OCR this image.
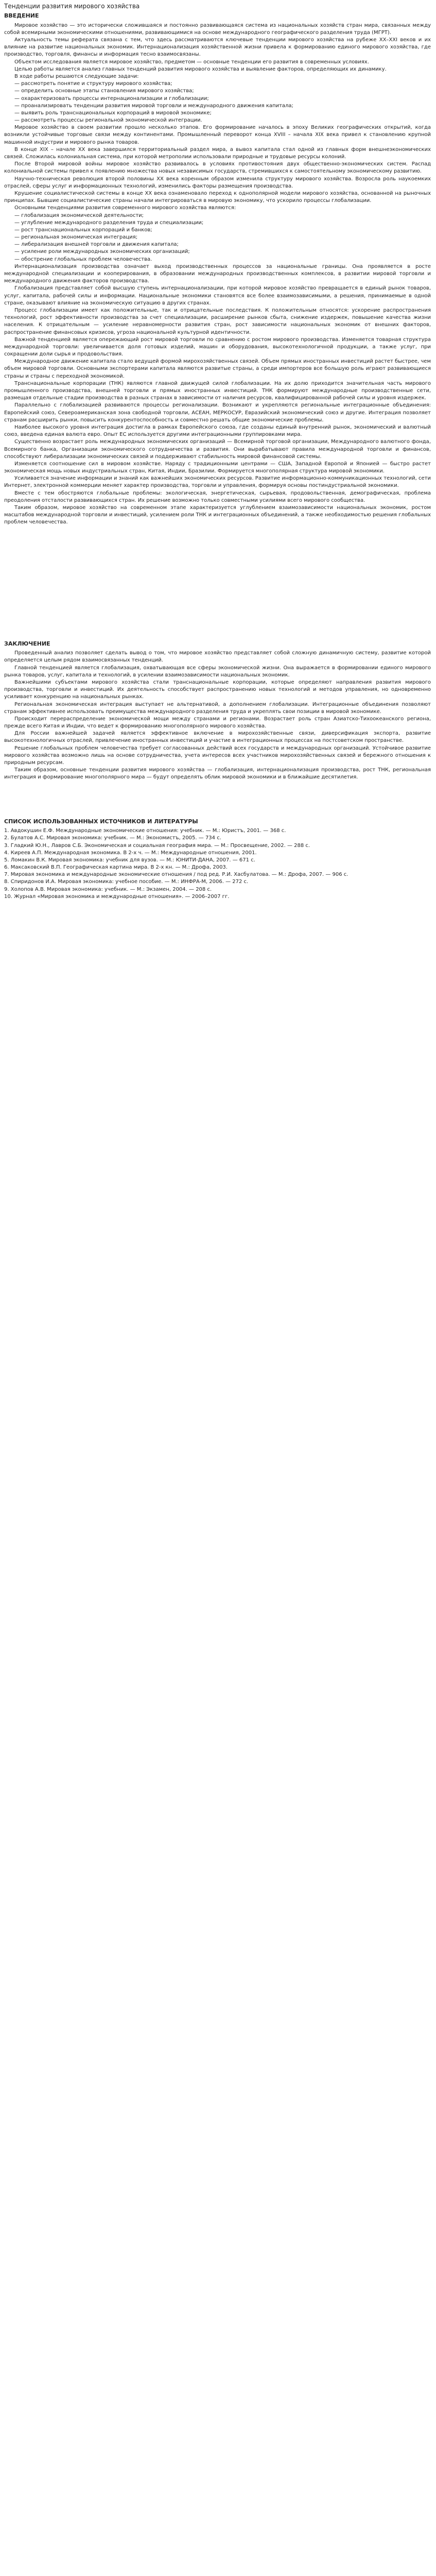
Тенденции развития мирового хозяйства
ВВЕДЕНИЕ

Мировое хозяйство — это исторически сложившаяся и постоянно развивающаяся система из национальных хозяйств стран мира, связанных между собой всемирными экономическими отношениями, развивающимися на основе международного географического разделения труда (МГРТ).

Актуальность темы реферата связана с тем, что здесь рассматриваются ключевые тенденции мирового хозяйства на рубеже XX–XXI веков и их влияние на развитие национальных экономик. Интернационализация хозяйственной жизни привела к формированию единого мирового хозяйства, где производство, торговля, финансы и информация тесно взаимосвязаны.

Объектом исследования является мировое хозяйство, предметом — основные тенденции его развития в современных условиях.

Целью работы является анализ главных тенденций развития мирового хозяйства и выявление факторов, определяющих их динамику.

В ходе работы решаются следующие задачи:

— рассмотреть понятие и структуру мирового хозяйства;

— определить основные этапы становления мирового хозяйства;

— охарактеризовать процессы интернационализации и глобализации;

— проанализировать тенденции развития мировой торговли и международного движения капитала;

— выявить роль транснациональных корпораций в мировой экономике;

— рассмотреть процессы региональной экономической интеграции.

Мировое хозяйство в своем развитии прошло несколько этапов. Его формирование началось в эпоху Великих географических открытий, когда возникли устойчивые торговые связи между континентами. Промышленный переворот конца XVIII – начала XIX века привел к становлению крупной машинной индустрии и мирового рынка товаров.

В конце XIX – начале XX века завершился территориальный раздел мира, а вывоз капитала стал одной из главных форм внешнеэкономических связей. Сложилась колониальная система, при которой метрополии использовали природные и трудовые ресурсы колоний.

После Второй мировой войны мировое хозяйство развивалось в условиях противостояния двух общественно-экономических систем. Распад колониальной системы привел к появлению множества новых независимых государств, стремившихся к самостоятельному экономическому развитию.

Научно-техническая революция второй половины XX века коренным образом изменила структуру мирового хозяйства. Возросла роль наукоемких отраслей, сферы услуг и информационных технологий, изменились факторы размещения производства.

Крушение социалистической системы в конце XX века ознаменовало переход к однополярной модели мирового хозяйства, основанной на рыночных принципах. Бывшие социалистические страны начали интегрироваться в мировую экономику, что ускорило процессы глобализации.

Основными тенденциями развития современного мирового хозяйства являются:

— глобализация экономической деятельности;

— углубление международного разделения труда и специализации;

— рост транснациональных корпораций и банков;

— региональная экономическая интеграция;

— либерализация внешней торговли и движения капитала;

— усиление роли международных экономических организаций;

— обострение глобальных проблем человечества.

Интернационализация производства означает выход производственных процессов за национальные границы. Она проявляется в росте международной специализации и кооперирования, в образовании международных производственных комплексов, в развитии мировой торговли и международного движения факторов производства.

Глобализация представляет собой высшую ступень интернационализации, при которой мировое хозяйство превращается в единый рынок товаров, услуг, капитала, рабочей силы и информации. Национальные экономики становятся все более взаимозависимыми, а решения, принимаемые в одной стране, оказывают влияние на экономическую ситуацию в других странах.

Процесс глобализации имеет как положительные, так и отрицательные последствия. К положительным относятся: ускорение распространения технологий, рост эффективности производства за счет специализации, расширение рынков сбыта, снижение издержек, повышение качества жизни населения. К отрицательным — усиление неравномерности развития стран, рост зависимости национальных экономик от внешних факторов, распространение финансовых кризисов, угроза национальной культурной идентичности.

Важной тенденцией является опережающий рост мировой торговли по сравнению с ростом мирового производства. Изменяется товарная структура международной торговли: увеличивается доля готовых изделий, машин и оборудования, высокотехнологичной продукции, а также услуг, при сокращении доли сырья и продовольствия.

Международное движение капитала стало ведущей формой мирохозяйственных связей. Объем прямых иностранных инвестиций растет быстрее, чем объем мировой торговли. Основными экспортерами капитала являются развитые страны, а среди импортеров все большую роль играют развивающиеся страны и страны с переходной экономикой.

Транснациональные корпорации (ТНК) являются главной движущей силой глобализации. На их долю приходится значительная часть мирового промышленного производства, внешней торговли и прямых иностранных инвестиций. ТНК формируют международные производственные сети, размещая отдельные стадии производства в разных странах в зависимости от наличия ресурсов, квалифицированной рабочей силы и уровня издержек.

Параллельно с глобализацией развиваются процессы регионализации. Возникают и укрепляются региональные интеграционные объединения: Европейский союз, Североамериканская зона свободной торговли, АСЕАН, МЕРКОСУР, Евразийский экономический союз и другие. Интеграция позволяет странам расширить рынки, повысить конкурентоспособность и совместно решать общие экономические проблемы.

Наиболее высокого уровня интеграция достигла в рамках Европейского союза, где созданы единый внутренний рынок, экономический и валютный союз, введена единая валюта евро. Опыт ЕС используется другими интеграционными группировками мира.

Существенно возрастает роль международных экономических организаций — Всемирной торговой организации, Международного валютного фонда, Всемирного банка, Организации экономического сотрудничества и развития. Они вырабатывают правила международной торговли и финансов, способствуют либерализации экономических связей и поддерживают стабильность мировой финансовой системы.

Изменяется соотношение сил в мировом хозяйстве. Наряду с традиционными центрами — США, Западной Европой и Японией — быстро растет экономическая мощь новых индустриальных стран, Китая, Индии, Бразилии. Формируется многополярная структура мировой экономики.

Усиливается значение информации и знаний как важнейших экономических ресурсов. Развитие информационно-коммуникационных технологий, сети Интернет, электронной коммерции меняет характер производства, торговли и управления, формируя основы постиндустриальной экономики.

Вместе с тем обостряются глобальные проблемы: экологическая, энергетическая, сырьевая, продовольственная, демографическая, проблема преодоления отсталости развивающихся стран. Их решение возможно только совместными усилиями всего мирового сообщества.

Таким образом, мировое хозяйство на современном этапе характеризуется углублением взаимозависимости национальных экономик, ростом масштабов международной торговли и инвестиций, усилением роли ТНК и интеграционных объединений, а также необходимостью решения глобальных проблем человечества.

ЗАКЛЮЧЕНИЕ

Проведенный анализ позволяет сделать вывод о том, что мировое хозяйство представляет собой сложную динамичную систему, развитие которой определяется целым рядом взаимосвязанных тенденций.

Главной тенденцией является глобализация, охватывающая все сферы экономической жизни. Она выражается в формировании единого мирового рынка товаров, услуг, капитала и технологий, в усилении взаимозависимости национальных экономик.

Важнейшими субъектами мирового хозяйства стали транснациональные корпорации, которые определяют направления развития мирового производства, торговли и инвестиций. Их деятельность способствует распространению новых технологий и методов управления, но одновременно усиливает конкуренцию на национальных рынках.

Региональная экономическая интеграция выступает не альтернативой, а дополнением глобализации. Интеграционные объединения позволяют странам эффективнее использовать преимущества международного разделения труда и укреплять свои позиции в мировой экономике.

Происходит перераспределение экономической мощи между странами и регионами. Возрастает роль стран Азиатско-Тихоокеанского региона, прежде всего Китая и Индии, что ведет к формированию многополярного мирового хозяйства.

Для России важнейшей задачей является эффективное включение в мирохозяйственные связи, диверсификация экспорта, развитие высокотехнологичных отраслей, привлечение иностранных инвестиций и участие в интеграционных процессах на постсоветском пространстве.

Решение глобальных проблем человечества требует согласованных действий всех государств и международных организаций. Устойчивое развитие мирового хозяйства возможно лишь на основе сотрудничества, учета интересов всех участников мирохозяйственных связей и бережного отношения к природным ресурсам.

Таким образом, основные тенденции развития мирового хозяйства — глобализация, интернационализация производства, рост ТНК, региональная интеграция и формирование многополярного мира — будут определять облик мировой экономики и в ближайшие десятилетия.

СПИСОК ИСПОЛЬЗОВАННЫХ ИСТОЧНИКОВ И ЛИТЕРАТУРЫ

1. Авдокушин Е.Ф. Международные экономические отношения: учебник. — М.: Юристъ, 2001. — 368 с.

2. Булатов А.С. Мировая экономика: учебник. — М.: Экономистъ, 2005. — 734 с.

3. Гладкий Ю.Н., Лавров С.Б. Экономическая и социальная география мира. — М.: Просвещение, 2002. — 288 с.

4. Киреев А.П. Международная экономика. В 2-х ч. — М.: Международные отношения, 2001.

5. Ломакин В.К. Мировая экономика: учебник для вузов. — М.: ЮНИТИ-ДАНА, 2007. — 671 с.

6. Максаковский В.П. Географическая картина мира. В 2-х кн. — М.: Дрофа, 2003.

7. Мировая экономика и международные экономические отношения / под ред. Р.И. Хасбулатова. — М.: Дрофа, 2007. — 906 с.

8. Спиридонов И.А. Мировая экономика: учебное пособие. — М.: ИНФРА-М, 2006. — 272 с.

9. Холопов А.В. Мировая экономика: учебник. — М.: Экзамен, 2004. — 208 с.

10. Журнал «Мировая экономика и международные отношения». — 2006–2007 гг.
